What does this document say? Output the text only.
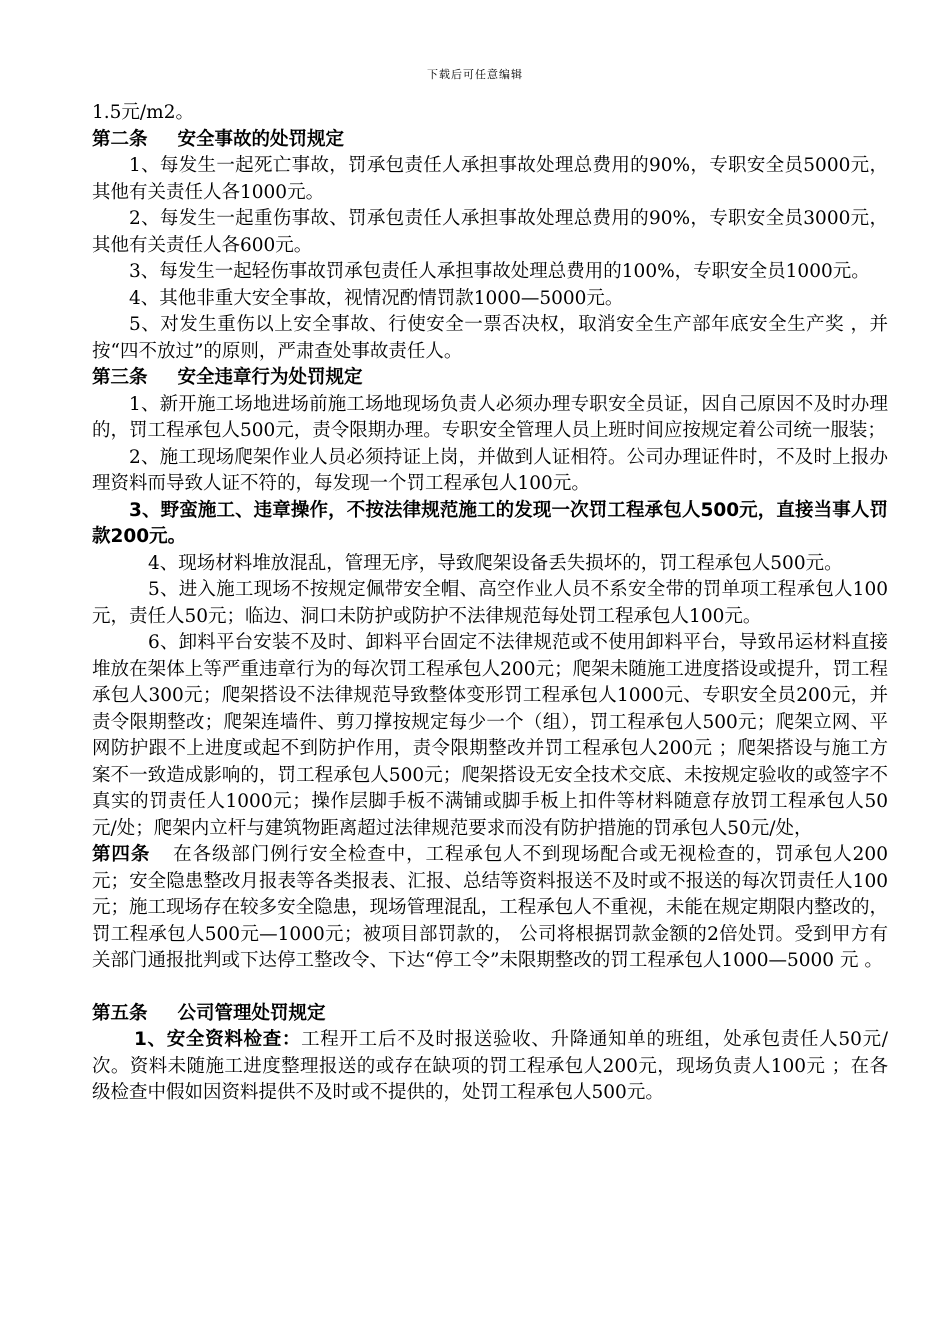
下载后可任意编辑

1.5元/m2。

第二条 安全事故的处罚规定

1、每发生一起死亡事故，罚承包责任人承担事故处理总费用的90%，专职安全员5000元，其他有关责任人各1000元。

2、每发生一起重伤事故、罚承包责任人承担事故处理总费用的90%，专职安全员3000元，其他有关责任人各600元。

3、每发生一起轻伤事故罚承包责任人承担事故处理总费用的100%，专职安全员1000元。

4、其他非重大安全事故，视情况酌情罚款1000—5000元。

5、对发生重伤以上安全事故、行使安全一票否决权，取消安全生产部年底安全生产奖 ，并按“四不放过”的原则，严肃查处事故责任人。

第三条 安全违章行为处罚规定

1、新开施工场地进场前施工场地现场负责人必须办理专职安全员证，因自己原因不及时办理的，罚工程承包人500元，责令限期办理。专职安全管理人员上班时间应按规定着公司统一服装；

2、施工现场爬架作业人员必须持证上岗，并做到人证相符。公司办理证件时，不及时上报办理资料而导致人证不符的，每发现一个罚工程承包人100元。

3、野蛮施工、违章操作，不按法律规范施工的发现一次罚工程承包人500元，直接当事人罚款200元。

4、现场材料堆放混乱，管理无序，导致爬架设备丢失损坏的，罚工程承包人500元。

5、进入施工现场不按规定佩带安全帽、高空作业人员不系安全带的罚单项工程承包人100元，责任人50元；临边、洞口未防护或防护不法律规范每处罚工程承包人100元。

6、卸料平台安装不及时、卸料平台固定不法律规范或不使用卸料平台，导致吊运材料直接堆放在架体上等严重违章行为的每次罚工程承包人200元；爬架未随施工进度搭设或提升，罚工程承包人300元；爬架搭设不法律规范导致整体变形罚工程承包人1000元、专职安全员200元，并责令限期整改；爬架连墙件、剪刀撑按规定每少一个（组），罚工程承包人500元；爬架立网、平网防护跟不上进度或起不到防护作用，责令限期整改并罚工程承包人200元 ；爬架搭设与施工方案不一致造成影响的，罚工程承包人500元；爬架搭设无安全技术交底、未按规定验收的或签字不真实的罚责任人1000元；操作层脚手板不满铺或脚手板上扣件等材料随意存放罚工程承包人50元/处；爬架内立杆与建筑物距离超过法律规范要求而没有防护措施的罚承包人50元/处，

第四条 在各级部门例行安全检查中，工程承包人不到现场配合或无视检查的，罚承包人200元；安全隐患整改月报表等各类报表、汇报、总结等资料报送不及时或不报送的每次罚责任人100元；施工现场存在较多安全隐患，现场管理混乱，工程承包人不重视，未能在规定期限内整改的，罚工程承包人500元—1000元；被项目部罚款的， 公司将根据罚款金额的2倍处罚。受到甲方有关部门通报批判或下达停工整改令、下达“停工令”未限期整改的罚工程承包人1000—5000 元 。

第五条 公司管理处罚规定

1、安全资料检查：工程开工后不及时报送验收、升降通知单的班组，处承包责任人50元/次。资料未随施工进度整理报送的或存在缺项的罚工程承包人200元，现场负责人100元 ；在各级检查中假如因资料提供不及时或不提供的，处罚工程承包人500元。
